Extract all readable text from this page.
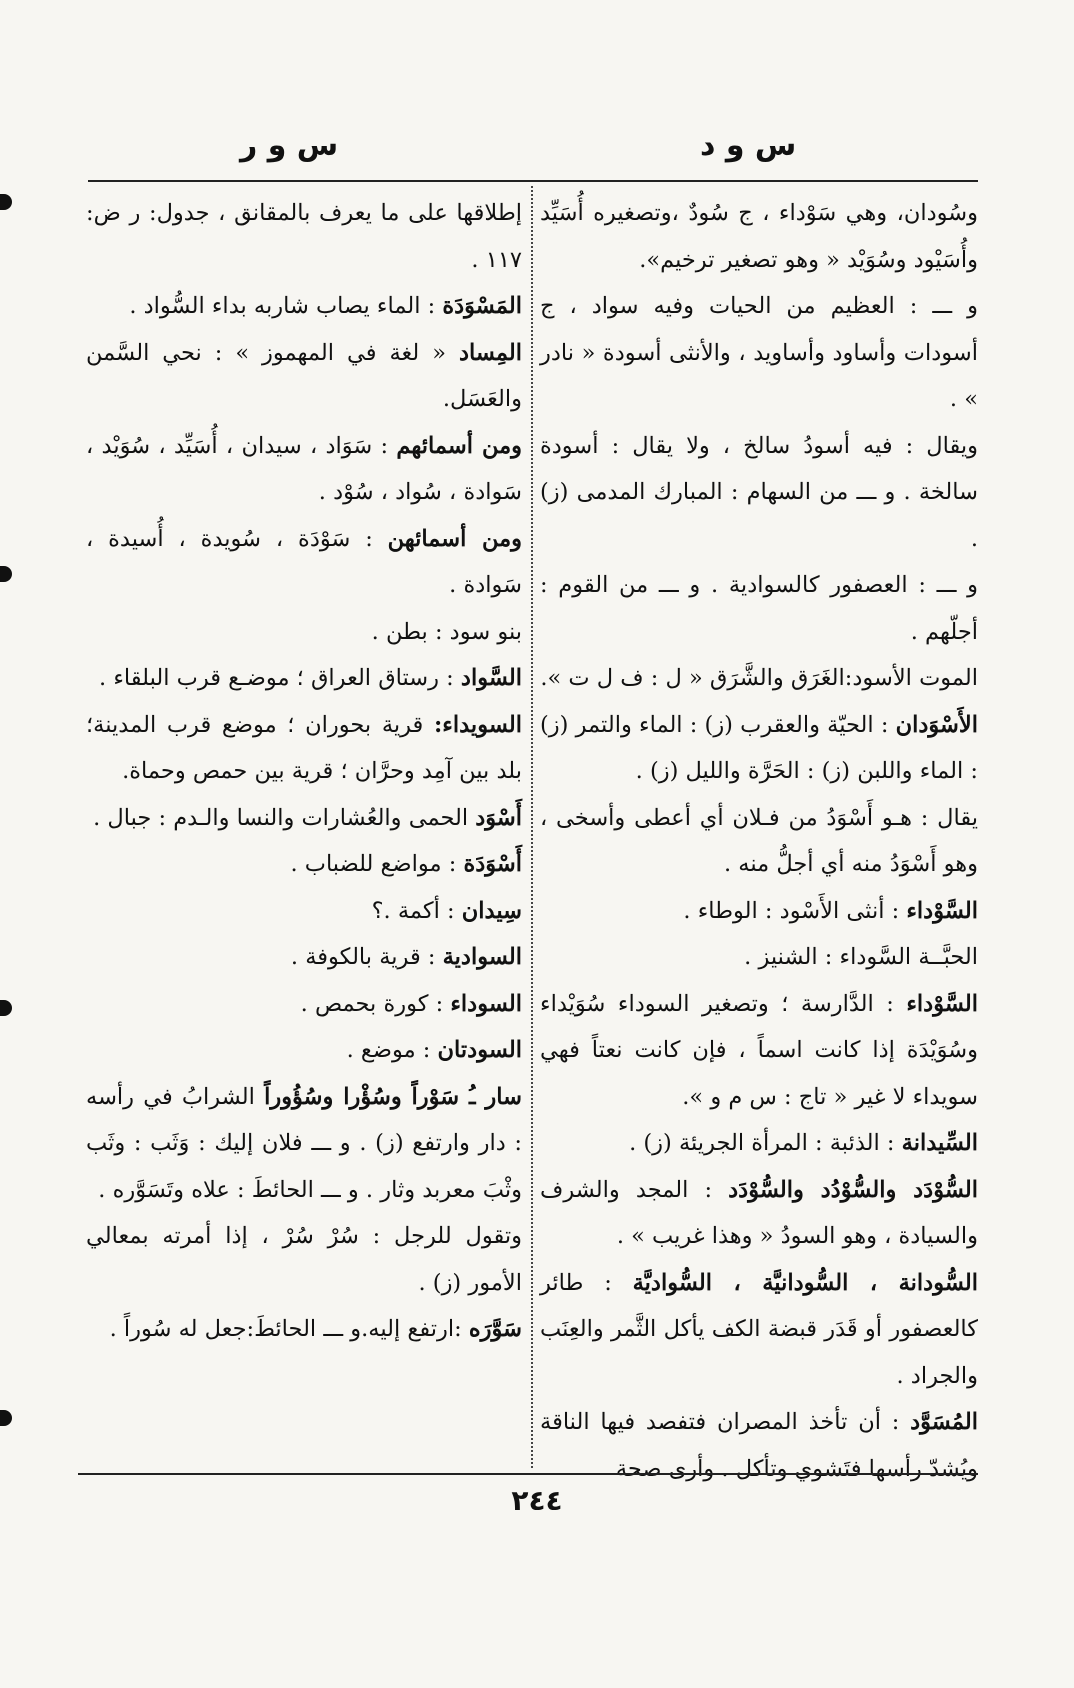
س و د
س و ر

وسُودان، وهي سَوْداء ، ج سُودٌ ،وتصغيره أُسَيِّد وأُسَيْود وسُوَيْد « وهو تصغير ترخيم».

و ـــ : العظيم من الحيات وفيه سواد ، ج أسودات وأساود وأساويد ، والأنثى أسودة « نادر » .

ويقال : فيه أسودُ سالخ ، ولا يقال : أسودة سالخة . و ـــ من السهام : المبارك المدمى (ز) .

و ـــ : العصفور كالسوادية . و ـــ من القوم : أجلّهم .

الموت الأسود:الغَرَق والشَّرَق « ل : ف ل ت ».

الأَسْوَدان : الحيّة والعقرب (ز) : الماء والتمر (ز) : الماء واللبن (ز) : الحَرَّة والليل (ز) .

يقال : هـو أَسْوَدُ من فـلان أي أعطى وأسخى ، وهو أَسْوَدُ منه أي أجلُّ منه .

السَّوْداء : أنثى الأَسْود : الوطاء .

الحبَّــة السَّوداء : الشنيز .

السَّوْداء : الدَّارسة ؛ وتصغير السوداء سُوَيْداء وسُوَيْدَة إذا كانت اسماً ، فإن كانت نعتاً فهي سويداء لا غير « تاج : س م و ».

السِّيدانة : الذئبة : المرأة الجريئة (ز) .

السُّوْدَد والسُّوْدُد والسُّوْدَد : المجد والشرف والسيادة ، وهو السودُ « وهذا غريب » .

السُّودانة ، السُّودانيَّة ، السُّواديَّة : طائر كالعصفور أو قَدَر قبضة الكف يأكل الثَّمر والعِنَب والجراد .

المُسَوَّد : أن تأخذ المصران فتفصد فيها الناقة ويُشدّ رأسها فتَشوي وتأكل . وأرى صحة

إطلاقها على ما يعرف بالمقانق ، جدول: ر ض: ١١٧ .

المَسْوَدَة : الماء يصاب شاربه بداء السُّواد .

المِساد « لغة في المهموز » : نحي السَّمن والعَسَل.

ومن أسمائهم : سَوَاد ، سيدان ، أُسَيِّد ، سُوَيْد ، سَوادة ، سُواد ، سُوْد .

ومن أسمائهن : سَوْدَة ، سُويدة ، أُسيدة ، سَوادة .

بنو سود : بطن .

السَّواد : رستاق العراق ؛ موضـع قرب البلقاء .

السويداء: قرية بحوران ؛ موضع قرب المدينة؛ بلد بين آمِد وحرَّان ؛ قرية بين حمص وحماة.

أَسْوَد الحمى والعُشارات والنسا والـدم : جبال .

أَسْوَدَة : مواضع للضباب .

سِيدان : أكمة .؟

السوادية : قرية بالكوفة .

السوداء : كورة بحمص .

السودتان : موضع .

سار ـُ سَوْراً وسُؤْرا وسُؤُوراً الشرابُ في رأسه : دار وارتفع (ز) . و ـــ فلان إليك : وَثَب : وثَب وثْبَ معربد وثار . و ـــ الحائطَ : علاه وتَسَوَّره .

وتقول للرجل : سُرْ سُرْ ، إذا أمرته بمعالي الأمور (ز) .

سَوَّرَه :ارتفع إليه.و ـــ الحائطَ:جعل له سُوراً .

٢٤٤
